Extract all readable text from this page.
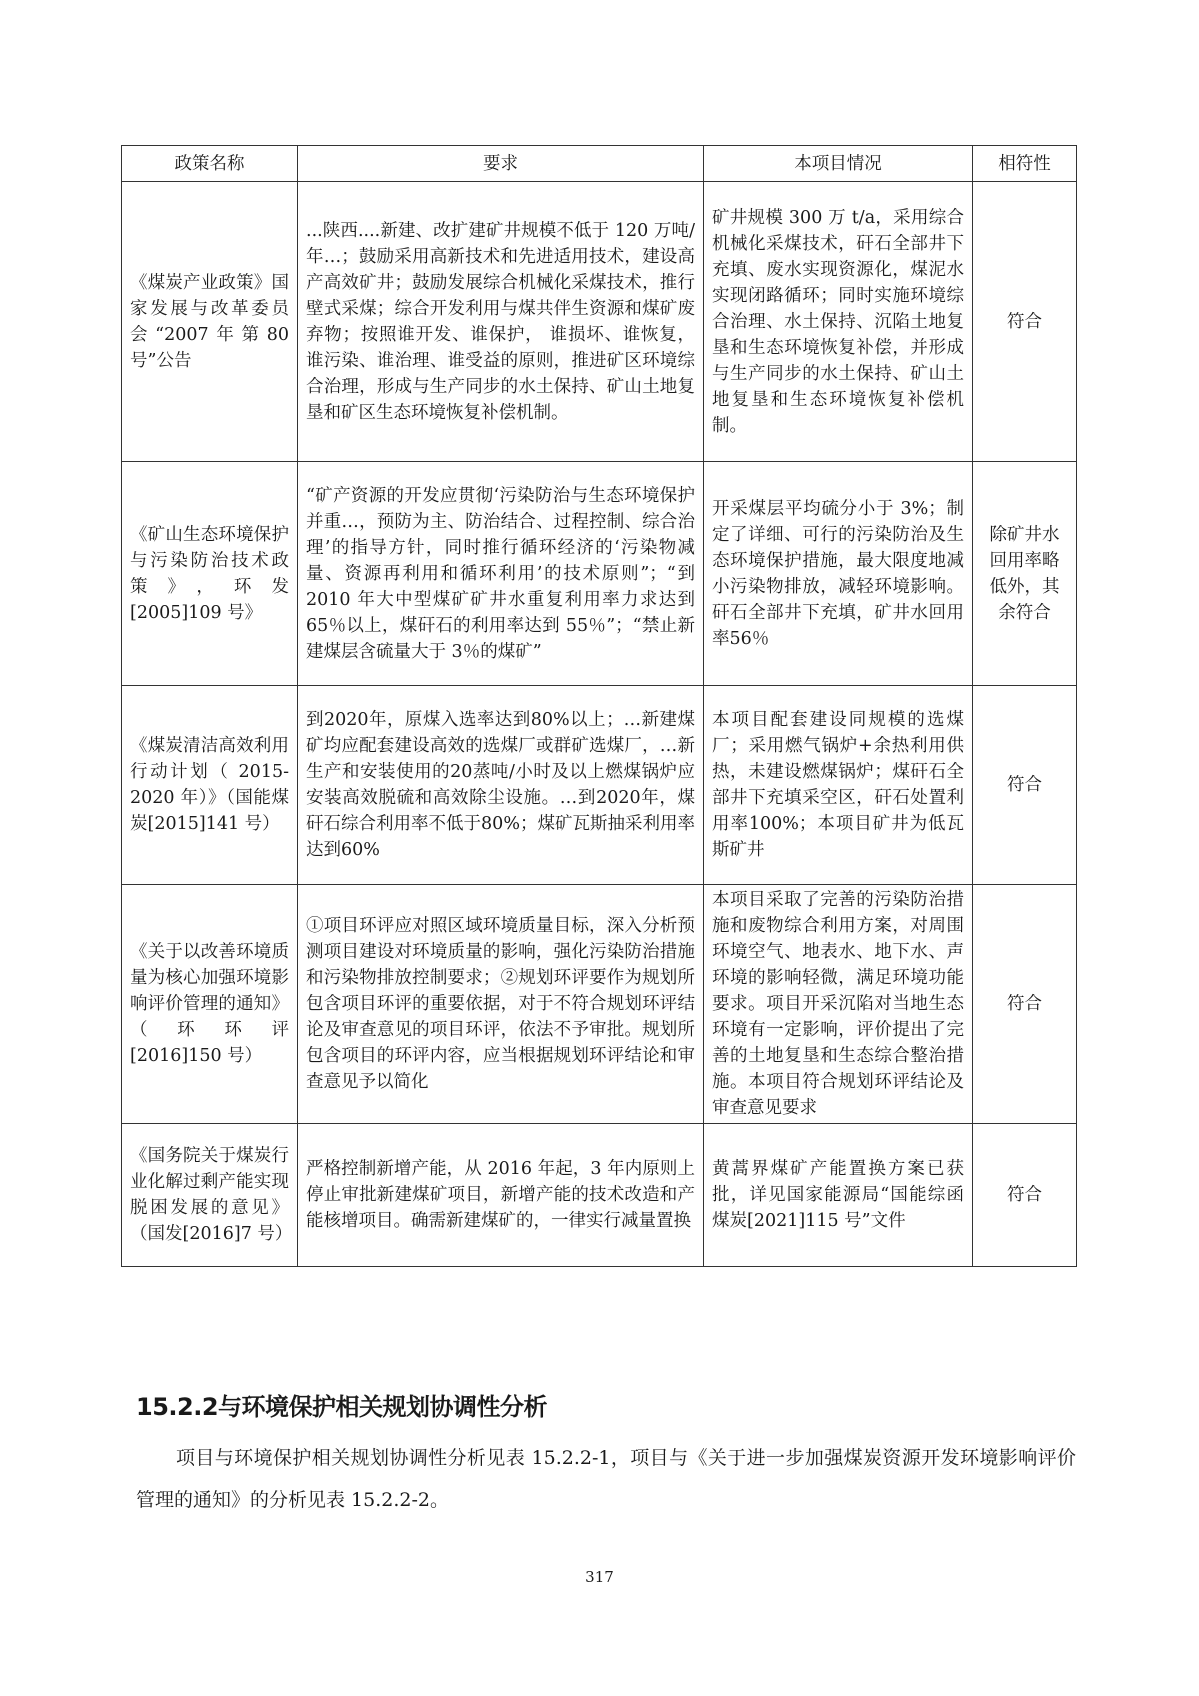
政策名称	要求	本项目情况	相符性
《煤炭产业政策》国家发展与改革委员会“2007年第80号”公告	...陕西....新建、改扩建矿井规模不低于 120 万吨/年…；鼓励采用高新技术和先进适用技术，建设高产高效矿井；鼓励发展综合机械化采煤技术，推行壁式采煤；综合开发利用与煤共伴生资源和煤矿废弃物；按照谁开发、谁保护， 谁损坏、谁恢复，谁污染、谁治理、谁受益的原则，推进矿区环境综合治理，形成与生产同步的水土保持、矿山土地复垦和矿区生态环境恢复补偿机制。	矿井规模 300 万 t/a，采用综合机械化采煤技术，矸石全部井下充填、废水实现资源化，煤泥水实现闭路循环；同时实施环境综合治理、水土保持、沉陷土地复垦和生态环境恢复补偿，并形成与生产同步的水土保持、矿山土地复垦和生态环境恢复补偿机制。	符合
《矿山生态环境保护与污染防治技术政策》，环发[2005]109 号》	“矿产资源的开发应贯彻‘污染防治与生态环境保护并重…，预防为主、防治结合、过程控制、综合治理’的指导方针，同时推行循环经济的‘污染物减量、资源再利用和循环利用’的技术原则”；“到 2010 年大中型煤矿矿井水重复利用率力求达到 65％以上，煤矸石的利用率达到 55％”；“禁止新建煤层含硫量大于 3％的煤矿”	开采煤层平均硫分小于 3%；制定了详细、可行的污染防治及生态环境保护措施，最大限度地减小污染物排放，减轻环境影响。矸石全部井下充填，矿井水回用率56％	除矿井水回用率略低外，其余符合
《煤炭清洁高效利用行动计划（ 2015-2020 年）》（国能煤炭[2015]141 号）	到2020年，原煤入选率达到80%以上；…新建煤矿均应配套建设高效的选煤厂或群矿选煤厂，…新生产和安装使用的20蒸吨/小时及以上燃煤锅炉应安装高效脱硫和高效除尘设施。…到2020年，煤矸石综合利用率不低于80%；煤矿瓦斯抽采利用率达到60%	本项目配套建设同规模的选煤厂；采用燃气锅炉+余热利用供热，未建设燃煤锅炉；煤矸石全部井下充填采空区，矸石处置利用率100%；本项目矿井为低瓦斯矿井	符合
《关于以改善环境质量为核心加强环境影响评价管理的通知》（环环评 [2016]150 号）	①项目环评应对照区域环境质量目标，深入分析预测项目建设对环境质量的影响，强化污染防治措施和污染物排放控制要求；②规划环评要作为规划所包含项目环评的重要依据，对于不符合规划环评结论及审查意见的项目环评，依法不予审批。规划所包含项目的环评内容，应当根据规划环评结论和审查意见予以简化	本项目采取了完善的污染防治措施和废物综合利用方案，对周围环境空气、地表水、地下水、声环境的影响轻微，满足环境功能要求。项目开采沉陷对当地生态环境有一定影响，评价提出了完善的土地复垦和生态综合整治措施。本项目符合规划环评结论及审查意见要求	符合
《国务院关于煤炭行业化解过剩产能实现脱困发展的意见》（国发[2016]7 号）	严格控制新增产能，从 2016 年起，3 年内原则上停止审批新建煤矿项目，新增产能的技术改造和产能核增项目。确需新建煤矿的，一律实行减量置换	黄蒿界煤矿产能置换方案已获批，详见国家能源局“国能综函煤炭[2021]115 号”文件	符合
15.2.2与环境保护相关规划协调性分析

项目与环境保护相关规划协调性分析见表 15.2.2-1，项目与《关于进一步加强煤炭资源开发环境影响评价管理的通知》的分析见表 15.2.2-2。

317
